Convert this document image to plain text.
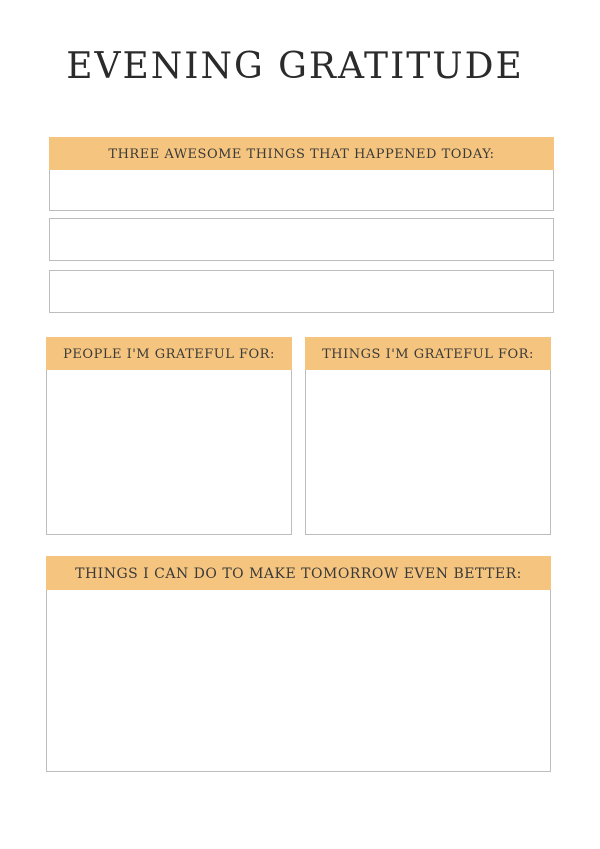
EVENING GRATITUDE
THREE AWESOME THINGS THAT HAPPENED TODAY:
PEOPLE I'M GRATEFUL FOR:	THINGS I'M GRATEFUL FOR:
THINGS I CAN DO TO MAKE TOMORROW EVEN BETTER:
